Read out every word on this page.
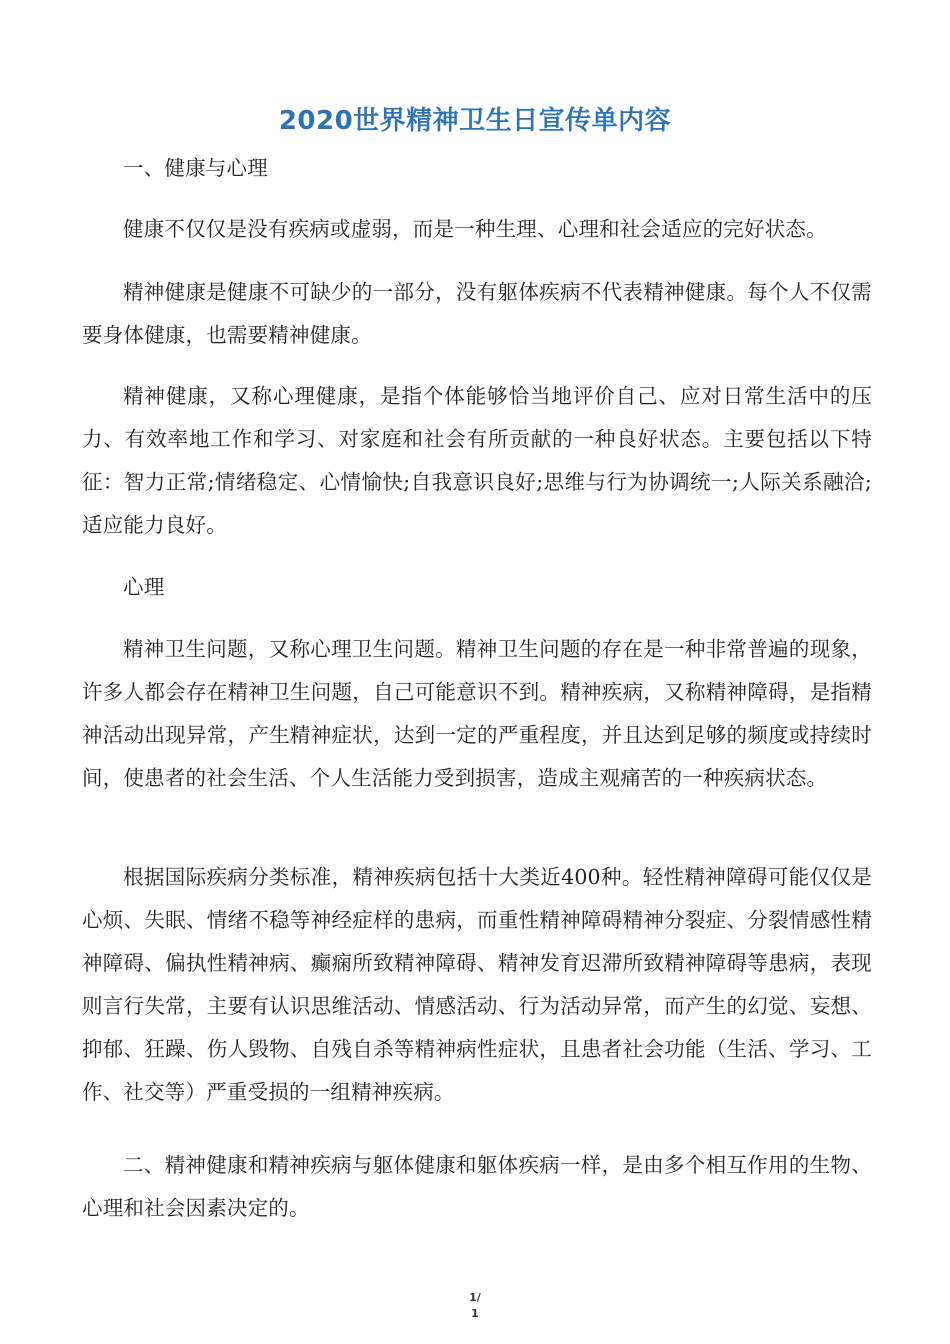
2020世界精神卫生日宣传单内容

一、健康与心理

健康不仅仅是没有疾病或虚弱，而是一种生理、心理和社会适应的完好状态。

精神健康是健康不可缺少的一部分，没有躯体疾病不代表精神健康。每个人不仅需要身体健康，也需要精神健康。

精神健康，又称心理健康，是指个体能够恰当地评价自己、应对日常生活中的压力、有效率地工作和学习、对家庭和社会有所贡献的一种良好状态。主要包括以下特征：智力正常;情绪稳定、心情愉快;自我意识良好;思维与行为协调统一;人际关系融洽;适应能力良好。

心理

精神卫生问题，又称心理卫生问题。精神卫生问题的存在是一种非常普遍的现象，许多人都会存在精神卫生问题，自己可能意识不到。精神疾病，又称精神障碍，是指精神活动出现异常，产生精神症状，达到一定的严重程度，并且达到足够的频度或持续时间，使患者的社会生活、个人生活能力受到损害，造成主观痛苦的一种疾病状态。

根据国际疾病分类标准，精神疾病包括十大类近400种。轻性精神障碍可能仅仅是心烦、失眠、情绪不稳等神经症样的患病，而重性精神障碍精神分裂症、分裂情感性精神障碍、偏执性精神病、癫痫所致精神障碍、精神发育迟滞所致精神障碍等患病，表现则言行失常，主要有认识思维活动、情感活动、行为活动异常，而产生的幻觉、妄想、抑郁、狂躁、伤人毁物、自残自杀等精神病性症状，且患者社会功能（生活、学习、工作、社交等）严重受损的一组精神疾病。

二、精神健康和精神疾病与躯体健康和躯体疾病一样，是由多个相互作用的生物、心理和社会因素决定的。

1/
1
